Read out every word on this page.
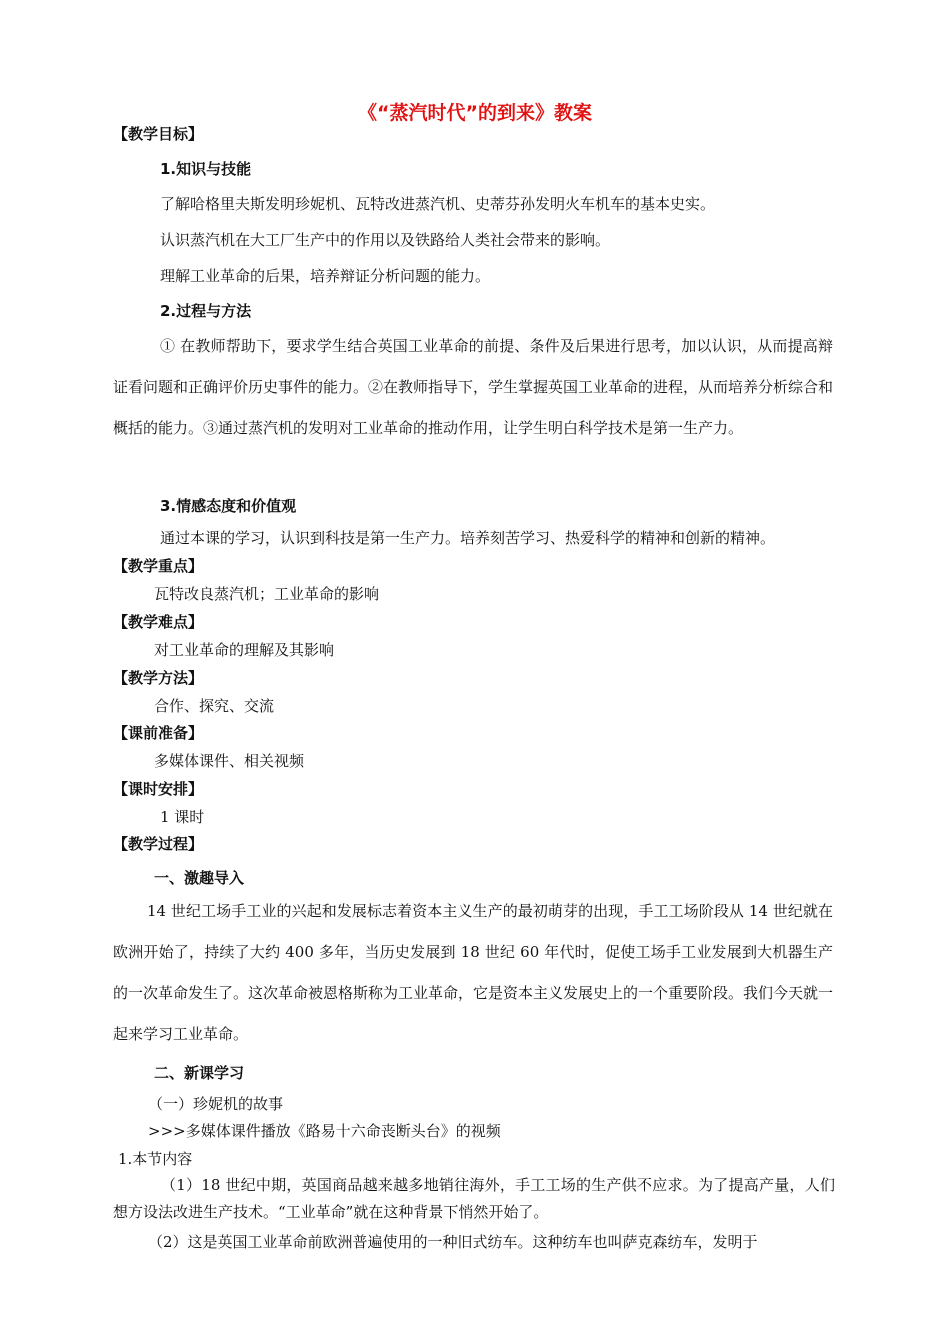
《“蒸汽时代”的到来》教案
【教学目标】
1.知识与技能
了解哈格里夫斯发明珍妮机、瓦特改进蒸汽机、史蒂芬孙发明火车机车的基本史实。
认识蒸汽机在大工厂生产中的作用以及铁路给人类社会带来的影响。
理解工业革命的后果，培养辩证分析问题的能力。
2.过程与方法
① 在教师帮助下，要求学生结合英国工业革命的前提、条件及后果进行思考，加以认识，从而提高辩证看问题和正确评价历史事件的能力。②在教师指导下，学生掌握英国工业革命的进程，从而培养分析综合和概括的能力。③通过蒸汽机的发明对工业革命的推动作用，让学生明白科学技术是第一生产力。
3.情感态度和价值观
通过本课的学习，认识到科技是第一生产力。培养刻苦学习、热爱科学的精神和创新的精神。
【教学重点】
瓦特改良蒸汽机；工业革命的影响
【教学难点】
对工业革命的理解及其影响
【教学方法】
合作、探究、交流
【课前准备】
多媒体课件、相关视频
【课时安排】
1 课时
【教学过程】
一、激趣导入
14 世纪工场手工业的兴起和发展标志着资本主义生产的最初萌芽的出现，手工工场阶段从 14 世纪就在欧洲开始了，持续了大约 400 多年，当历史发展到 18 世纪 60 年代时，促使工场手工业发展到大机器生产的一次革命发生了。这次革命被恩格斯称为工业革命，它是资本主义发展史上的一个重要阶段。我们今天就一起来学习工业革命。
二、新课学习
（一）珍妮机的故事
>>>多媒体课件播放《路易十六命丧断头台》的视频
1.本节内容
（1）18 世纪中期，英国商品越来越多地销往海外，手工工场的生产供不应求。为了提高产量，人们想方设法改进生产技术。“工业革命”就在这种背景下悄然开始了。
（2）这是英国工业革命前欧洲普遍使用的一种旧式纺车。这种纺车也叫萨克森纺车，发明于
